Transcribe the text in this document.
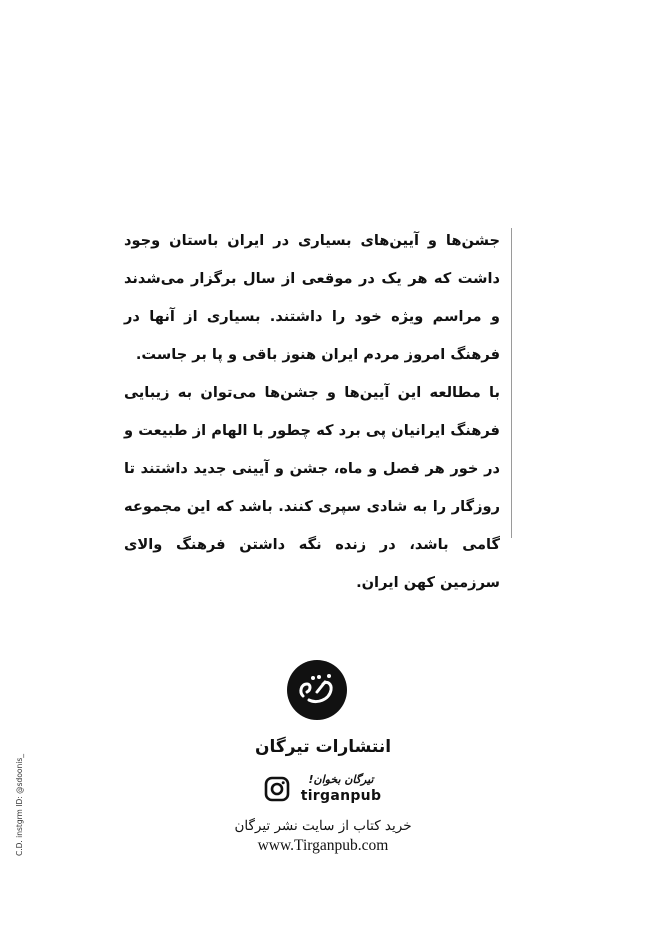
جشن‌ها و آیین‌های بسیاری در ایران باستان وجود داشت که هر یک در موقعی از سال برگزار می‌شدند و مراسم ویژه خود را داشتند. بسیاری از آنها در فرهنگ امروز مردم ایران هنوز باقی و پا بر جاست.

با مطالعه این آیین‌ها و جشن‌ها می‌توان به زیبایی فرهنگ ایرانیان پی برد که چطور با الهام از طبیعت و در خور هر فصل و ماه، جشن و آیینی جدید داشتند تا روزگار را به شادی سپری کنند. باشد که این مجموعه گامی باشد، در زنده نگه داشتن فرهنگ والای سرزمین کهن ایران.

انتشارات تیرگان
تیرگان بخوان!
tirganpub
خرید کتاب از سایت نشر تیرگان
www.Tirganpub.com
C.D. instgrm ID: @sdoonis_
